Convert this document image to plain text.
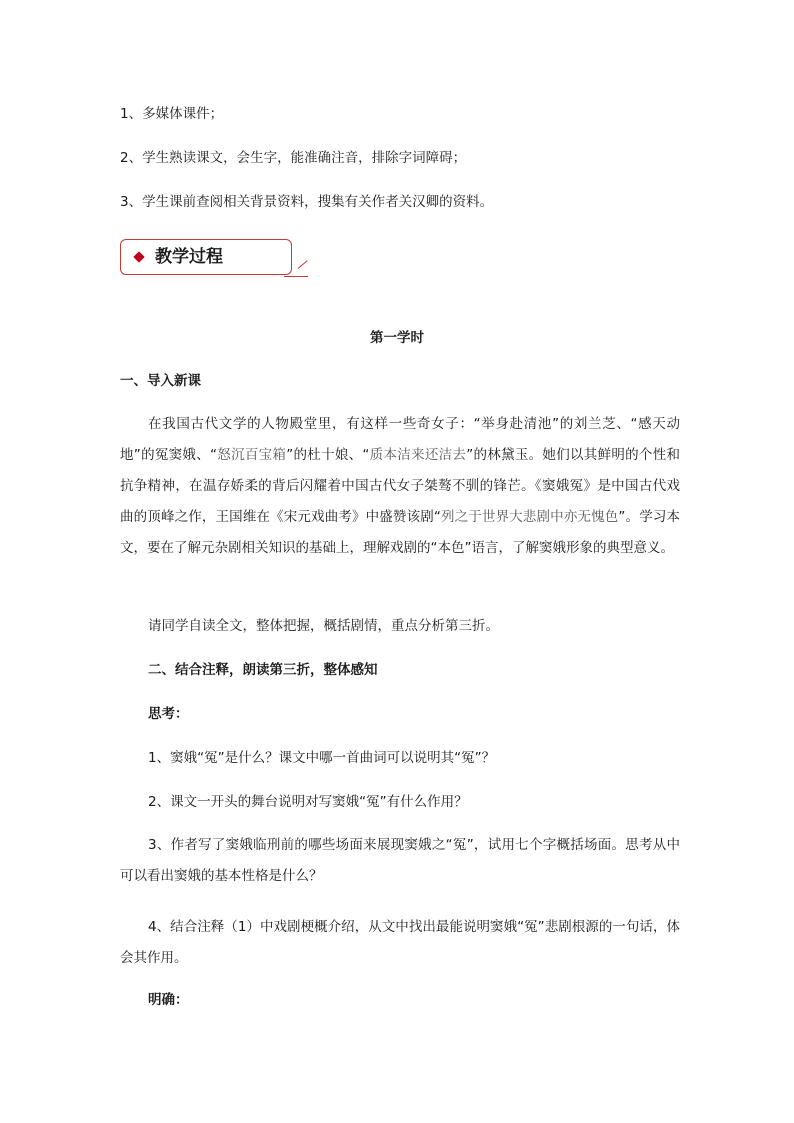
1、多媒体课件；
2、学生熟读课文，会生字，能准确注音，排除字词障碍；
3、学生课前查阅相关背景资料，搜集有关作者关汉卿的资料。
教学过程
第一学时
一、导入新课
在我国古代文学的人物殿堂里，有这样一些奇女子：“举身赴清池”的刘兰芝、“感天动地”的冤窦娥、“怒沉百宝箱”的杜十娘、“质本洁来还洁去”的林黛玉。她们以其鲜明的个性和抗争精神，在温存娇柔的背后闪耀着中国古代女子桀骜不驯的锋芒。《窦娥冤》是中国古代戏曲的顶峰之作，王国维在《宋元戏曲考》中盛赞该剧“列之于世界大悲剧中亦无愧色”。学习本文，要在了解元杂剧相关知识的基础上，理解戏剧的“本色”语言，了解窦娥形象的典型意义。
请同学自读全文，整体把握，概括剧情，重点分析第三折。
二、结合注释，朗读第三折，整体感知
思考：
1、窦娥“冤”是什么？课文中哪一首曲词可以说明其“冤”？
2、课文一开头的舞台说明对写窦娥“冤”有什么作用？
3、作者写了窦娥临刑前的哪些场面来展现窦娥之“冤”，试用七个字概括场面。思考从中可以看出窦娥的基本性格是什么？
4、结合注释（1）中戏剧梗概介绍，从文中找出最能说明窦娥“冤”悲剧根源的一句话，体会其作用。
明确：
